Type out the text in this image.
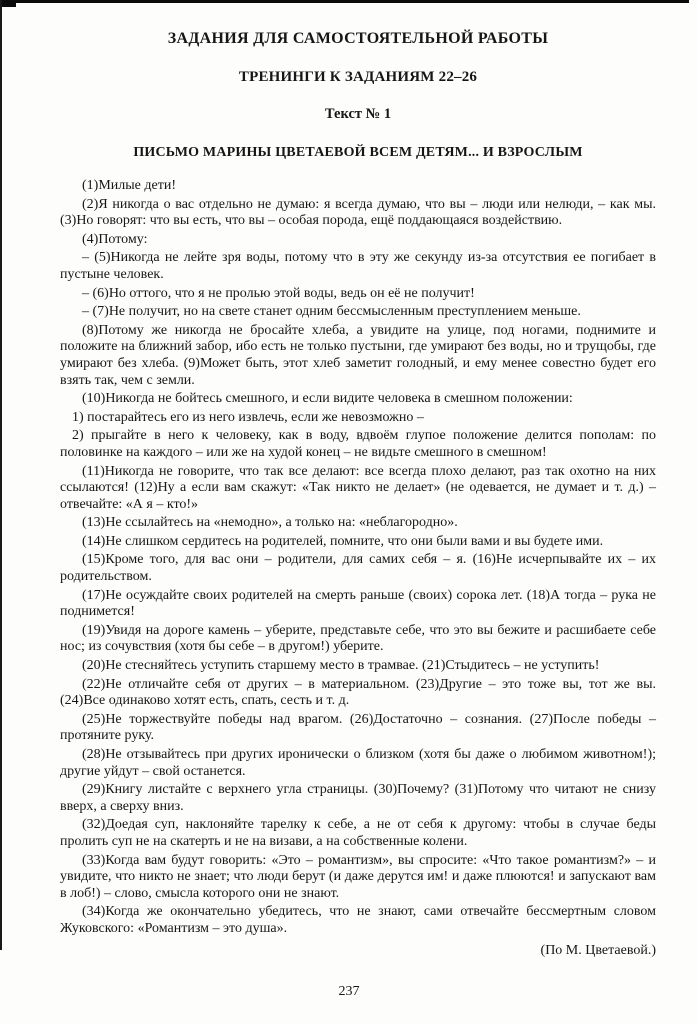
ЗАДАНИЯ ДЛЯ САМОСТОЯТЕЛЬНОЙ РАБОТЫ
ТРЕНИНГИ К ЗАДАНИЯМ 22–26
Текст № 1
ПИСЬМО МАРИНЫ ЦВЕТАЕВОЙ ВСЕМ ДЕТЯМ... И ВЗРОСЛЫМ

(1)Милые дети!

(2)Я никогда о вас отдельно не думаю: я всегда думаю, что вы – люди или нелюди, – как мы. (3)Но говорят: что вы есть, что вы – особая порода, ещё поддающаяся воздействию.

(4)Потому:

– (5)Никогда не лейте зря воды, потому что в эту же секунду из-за отсутствия ее погибает в пустыне человек.

– (6)Но оттого, что я не пролью этой воды, ведь он её не получит!

– (7)Не получит, но на свете станет одним бессмысленным преступлением меньше.

(8)Потому же никогда не бросайте хлеба, а увидите на улице, под ногами, поднимите и положите на ближний забор, ибо есть не только пустыни, где умирают без воды, но и трущобы, где умирают без хлеба. (9)Может быть, этот хлеб заметит голодный, и ему менее совестно будет его взять так, чем с земли.

(10)Никогда не бойтесь смешного, и если видите человека в смешном положении:

1) постарайтесь его из него извлечь, если же невозможно –

2) прыгайте в него к человеку, как в воду, вдвоём глупое положение делится пополам: по половинке на каждого – или же на худой конец – не видьте смешного в смешном!

(11)Никогда не говорите, что так все делают: все всегда плохо делают, раз так охотно на них ссылаются! (12)Ну а если вам скажут: «Так никто не делает» (не одевается, не думает и т. д.) – отвечайте: «А я – кто!»

(13)Не ссылайтесь на «немодно», а только на: «неблагородно».

(14)Не слишком сердитесь на родителей, помните, что они были вами и вы будете ими.

(15)Кроме того, для вас они – родители, для самих себя – я. (16)Не исчерпывайте их – их родительством.

(17)Не осуждайте своих родителей на смерть раньше (своих) сорока лет. (18)А тогда – рука не поднимется!

(19)Увидя на дороге камень – уберите, представьте себе, что это вы бежите и расшибаете себе нос; из сочувствия (хотя бы себе – в другом!) уберите.

(20)Не стесняйтесь уступить старшему место в трамвае. (21)Стыдитесь – не уступить!

(22)Не отличайте себя от других – в материальном. (23)Другие – это тоже вы, тот же вы. (24)Все одинаково хотят есть, спать, сесть и т. д.

(25)Не торжествуйте победы над врагом. (26)Достаточно – сознания. (27)После победы – протяните руку.

(28)Не отзывайтесь при других иронически о близком (хотя бы даже о любимом животном!); другие уйдут – свой останется.

(29)Книгу листайте с верхнего угла страницы. (30)Почему? (31)Потому что читают не снизу вверх, а сверху вниз.

(32)Доедая суп, наклоняйте тарелку к себе, а не от себя к другому: чтобы в случае беды пролить суп не на скатерть и не на визави, а на собственные колени.

(33)Когда вам будут говорить: «Это – романтизм», вы спросите: «Что такое романтизм?» – и увидите, что никто не знает; что люди берут (и даже дерутся им! и даже плюются! и запускают вам в лоб!) – слово, смысла которого они не знают.

(34)Когда же окончательно убедитесь, что не знают, сами отвечайте бессмертным словом Жуковского: «Романтизм – это душа».

(По М. Цветаевой.)
237
